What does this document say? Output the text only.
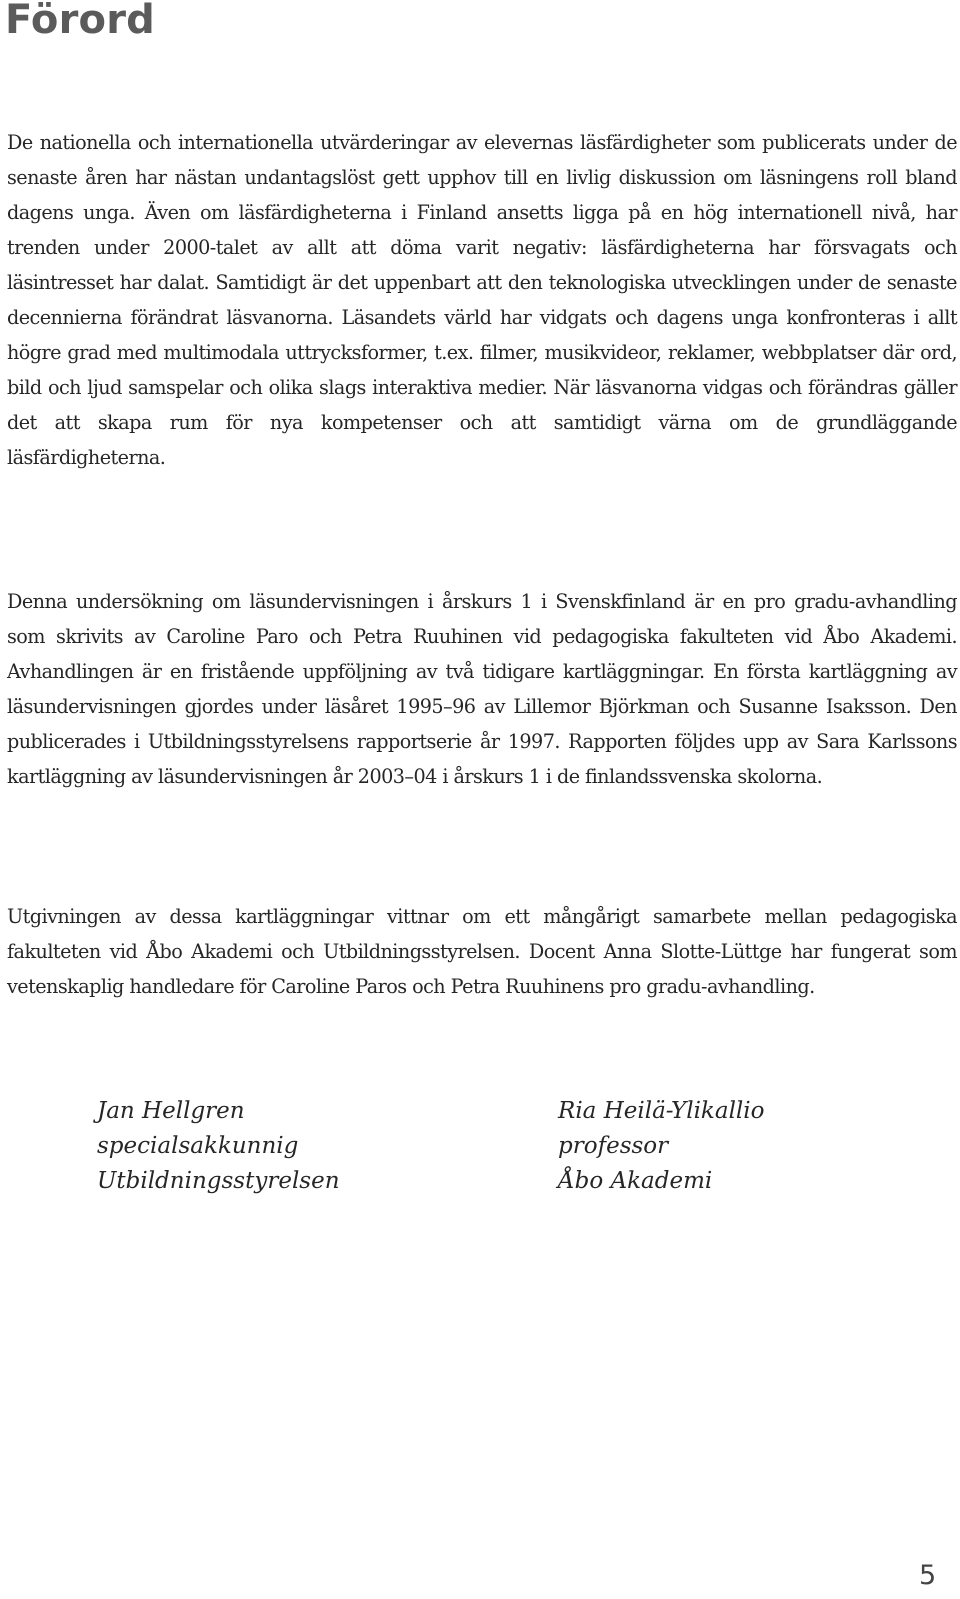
Förord

De nationella och internationella utvärderingar av elevernas läsfärdigheter som publicerats under de senaste åren har nästan undantagslöst gett upphov till en livlig diskussion om läsningens roll bland dagens unga. Även om läsfärdigheterna i Finland ansetts ligga på en hög internationell nivå, har trenden under 2000-talet av allt att döma varit negativ: läsfärdigheterna har försvagats och läsintresset har dalat. Samtidigt är det uppenbart att den teknologiska utvecklingen under de senaste decennierna förändrat läsvanorna. Läsandets värld har vidgats och dagens unga konfronteras i allt högre grad med multimodala uttrycksformer, t.ex. filmer, musikvideor, reklamer, webbplatser där ord, bild och ljud samspelar och olika slags interaktiva medier. När läsvanorna vidgas och förändras gäller det att skapa rum för nya kompetenser och att samtidigt värna om de grundläggande läsfärdigheterna.

Denna undersökning om läsundervisningen i årskurs 1 i Svenskfinland är en pro gradu-avhandling som skrivits av Caroline Paro och Petra Ruuhinen vid pedagogiska fakulteten vid Åbo Akademi. Avhandlingen är en fristående uppföljning av två tidigare kartläggningar. En första kartläggning av läsundervisningen gjordes under läsåret 1995–96 av Lillemor Björkman och Susanne Isaksson. Den publicerades i Utbildningsstyrelsens rapportserie år 1997. Rapporten följdes upp av Sara Karlssons kartläggning av läsundervisningen år 2003–04 i årskurs 1 i de finlandssvenska skolorna.

Utgivningen av dessa kartläggningar vittnar om ett mångårigt samarbete mellan pedagogiska fakulteten vid Åbo Akademi och Utbildningsstyrelsen. Docent Anna Slotte-Lüttge har fungerat som vetenskaplig handledare för Caroline Paros och Petra Ruuhinens pro gradu-avhandling.

Jan Hellgren
specialsakkunnig
Utbildningsstyrelsen
Ria Heilä-Ylikallio
professor
Åbo Akademi
5
